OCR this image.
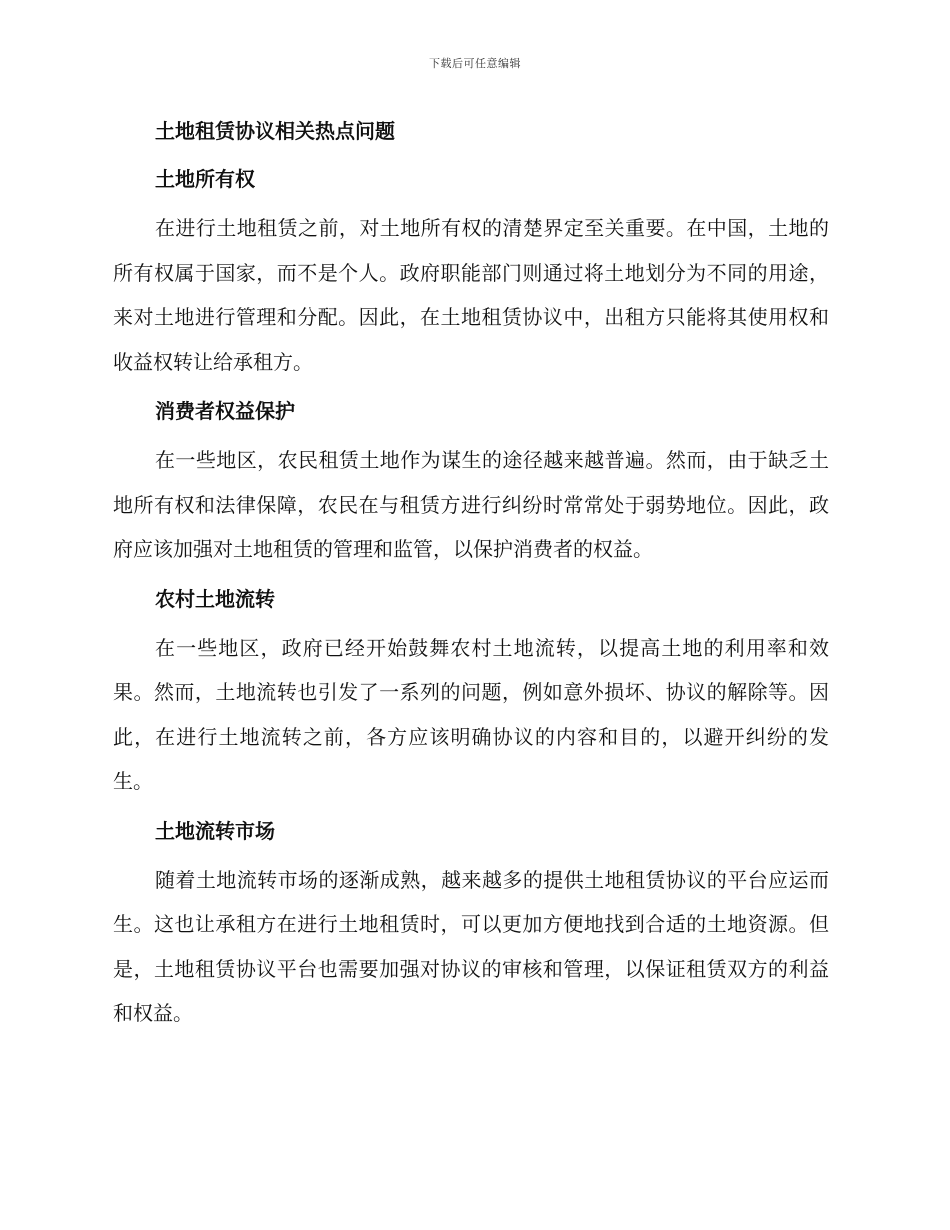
下载后可任意编辑
土地租赁协议相关热点问题
土地所有权

在进行土地租赁之前，对土地所有权的清楚界定至关重要。在中国，土地的所有权属于国家，而不是个人。政府职能部门则通过将土地划分为不同的用途，来对土地进行管理和分配。因此，在土地租赁协议中，出租方只能将其使用权和收益权转让给承租方。

消费者权益保护

在一些地区，农民租赁土地作为谋生的途径越来越普遍。然而，由于缺乏土地所有权和法律保障，农民在与租赁方进行纠纷时常常处于弱势地位。因此，政府应该加强对土地租赁的管理和监管，以保护消费者的权益。

农村土地流转

在一些地区，政府已经开始鼓舞农村土地流转，以提高土地的利用率和效果。然而，土地流转也引发了一系列的问题，例如意外损坏、协议的解除等。因此，在进行土地流转之前，各方应该明确协议的内容和目的，以避开纠纷的发生。

土地流转市场

随着土地流转市场的逐渐成熟，越来越多的提供土地租赁协议的平台应运而生。这也让承租方在进行土地租赁时，可以更加方便地找到合适的土地资源。但是，土地租赁协议平台也需要加强对协议的审核和管理，以保证租赁双方的利益和权益。
